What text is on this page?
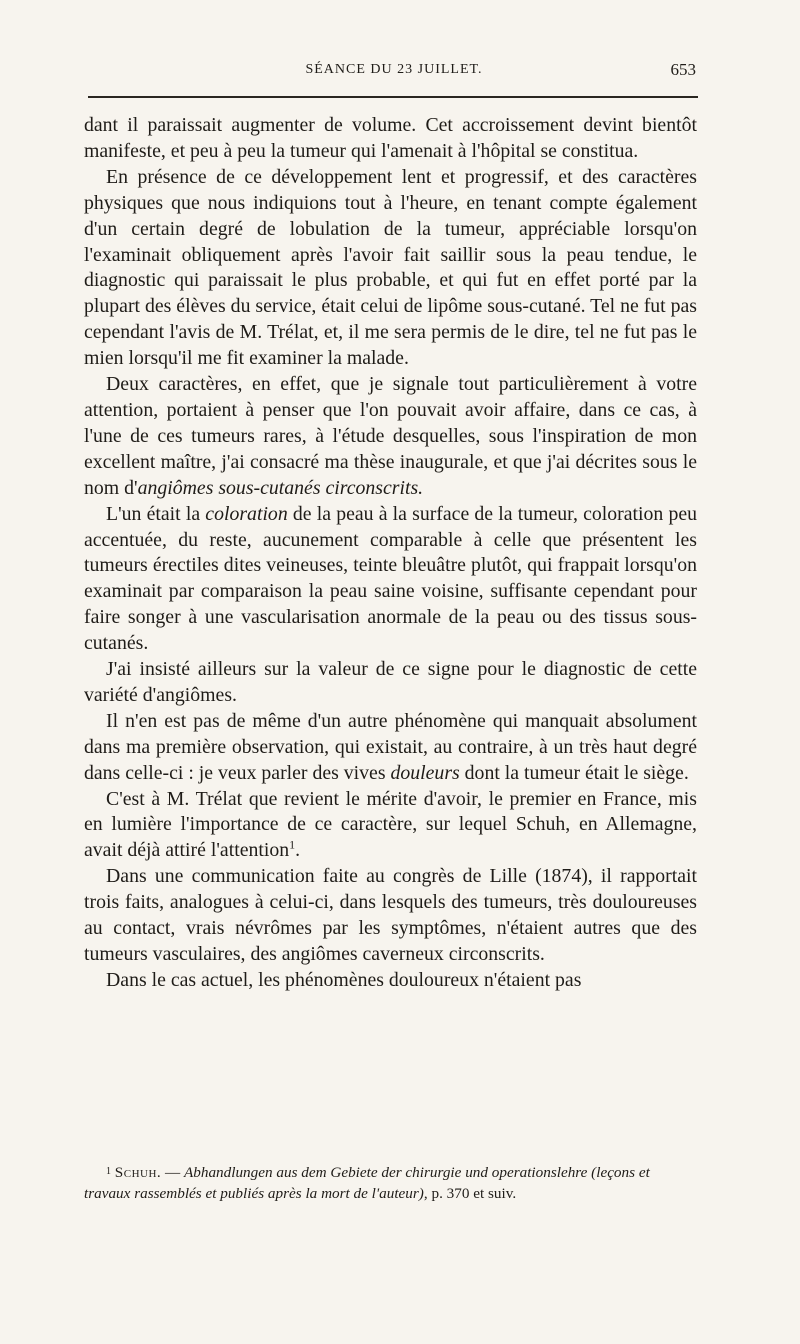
SÉANCE DU 23 JUILLET.	653

dant il paraissait augmenter de volume. Cet accroissement devint bientôt manifeste, et peu à peu la tumeur qui l'amenait à l'hôpital se constitua.

En présence de ce développement lent et progressif, et des caractères physiques que nous indiquions tout à l'heure, en tenant compte également d'un certain degré de lobulation de la tumeur, appréciable lorsqu'on l'examinait obliquement après l'avoir fait saillir sous la peau tendue, le diagnostic qui paraissait le plus probable, et qui fut en effet porté par la plupart des élèves du service, était celui de lipôme sous-cutané. Tel ne fut pas cependant l'avis de M. Trélat, et, il me sera permis de le dire, tel ne fut pas le mien lorsqu'il me fit examiner la malade.

Deux caractères, en effet, que je signale tout particulièrement à votre attention, portaient à penser que l'on pouvait avoir affaire, dans ce cas, à l'une de ces tumeurs rares, à l'étude desquelles, sous l'inspiration de mon excellent maître, j'ai consacré ma thèse inaugurale, et que j'ai décrites sous le nom d'angiômes sous-cutanés circonscrits.

L'un était la coloration de la peau à la surface de la tumeur, coloration peu accentuée, du reste, aucunement comparable à celle que présentent les tumeurs érectiles dites veineuses, teinte bleuâtre plutôt, qui frappait lorsqu'on examinait par comparaison la peau saine voisine, suffisante cependant pour faire songer à une vascularisation anormale de la peau ou des tissus sous-cutanés.

J'ai insisté ailleurs sur la valeur de ce signe pour le diagnostic de cette variété d'angiômes.

Il n'en est pas de même d'un autre phénomène qui manquait absolument dans ma première observation, qui existait, au contraire, à un très haut degré dans celle-ci : je veux parler des vives douleurs dont la tumeur était le siège.

C'est à M. Trélat que revient le mérite d'avoir, le premier en France, mis en lumière l'importance de ce caractère, sur lequel Schuh, en Allemagne, avait déjà attiré l'attention$^1$.

Dans une communication faite au congrès de Lille (1874), il rapportait trois faits, analogues à celui-ci, dans lesquels des tumeurs, très douloureuses au contact, vrais névrômes par les symptômes, n'étaient autres que des tumeurs vasculaires, des angiômes caverneux circonscrits.

Dans le cas actuel, les phénomènes douloureux n'étaient pas

1 Schuh. — Abhandlungen aus dem Gebiete der chirurgie und operationslehre (leçons et travaux rassemblés et publiés après la mort de l'auteur), p. 370 et suiv.
